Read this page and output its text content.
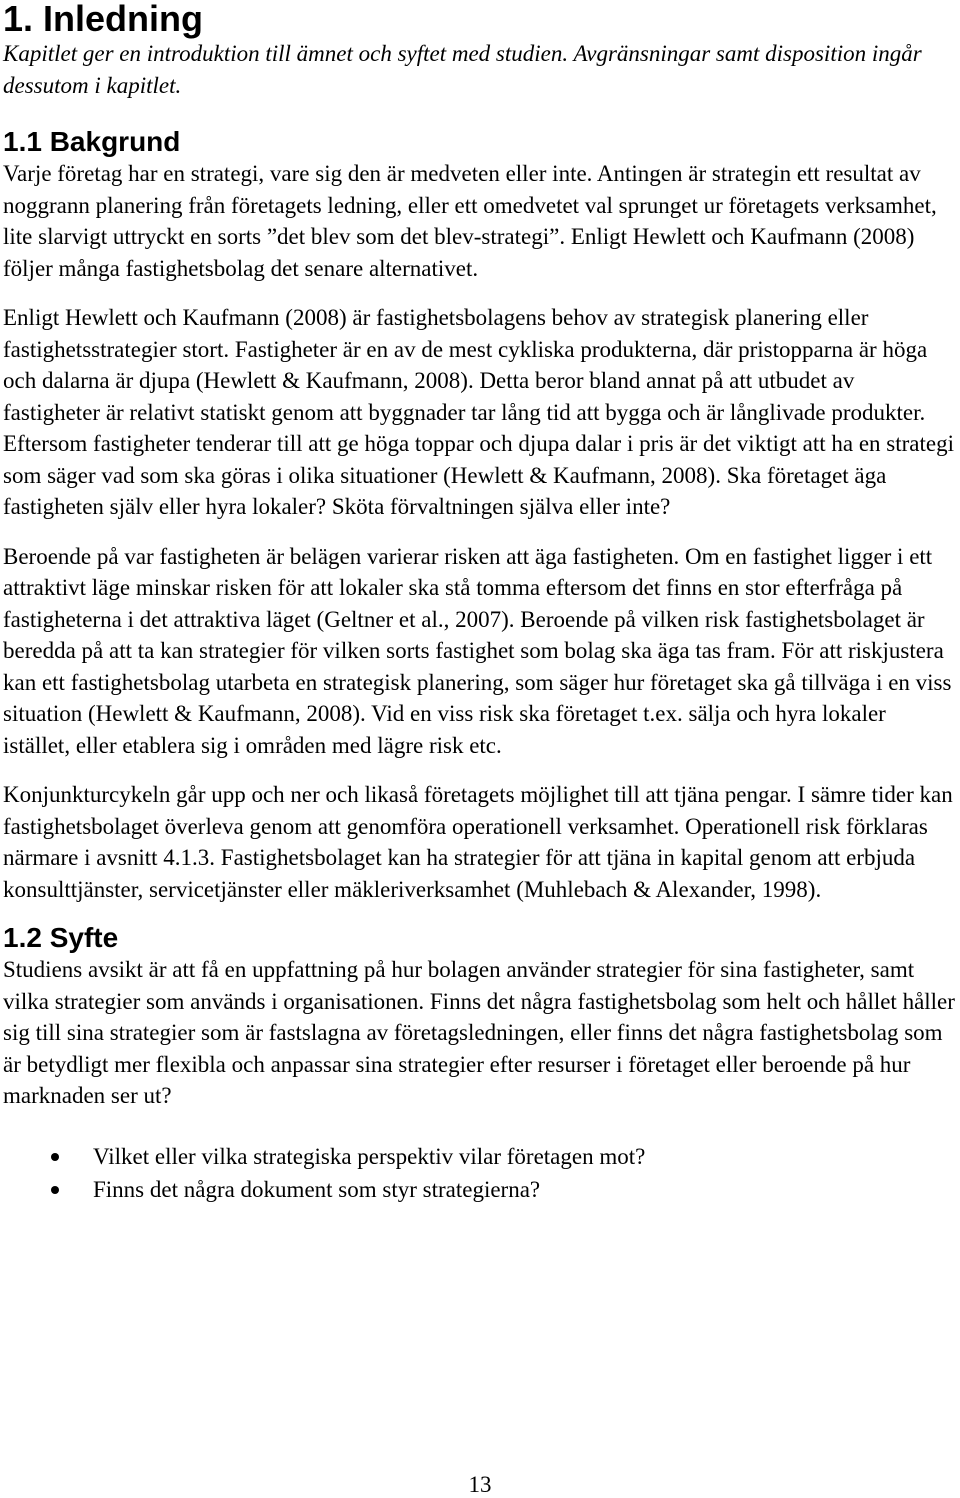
1. Inledning

Kapitlet ger en introduktion till ämnet och syftet med studien. Avgränsningar samt disposition ingår dessutom i kapitlet.

1.1 Bakgrund

Varje företag har en strategi, vare sig den är medveten eller inte. Antingen är strategin ett resultat av noggrann planering från företagets ledning, eller ett omedvetet val sprunget ur företagets verksamhet, lite slarvigt uttryckt en sorts ”det blev som det blev-strategi”. Enligt Hewlett och Kaufmann (2008) följer många fastighetsbolag det senare alternativet.

Enligt Hewlett och Kaufmann (2008) är fastighetsbolagens behov av strategisk planering eller fastighetsstrategier stort. Fastigheter är en av de mest cykliska produkterna, där pristopparna är höga och dalarna är djupa (Hewlett & Kaufmann, 2008). Detta beror bland annat på att utbudet av fastigheter är relativt statiskt genom att byggnader tar lång tid att bygga och är långlivade produkter. Eftersom fastigheter tenderar till att ge höga toppar och djupa dalar i pris är det viktigt att ha en strategi som säger vad som ska göras i olika situationer (Hewlett & Kaufmann, 2008). Ska företaget äga fastigheten själv eller hyra lokaler? Sköta förvaltningen själva eller inte?

Beroende på var fastigheten är belägen varierar risken att äga fastigheten. Om en fastighet ligger i ett attraktivt läge minskar risken för att lokaler ska stå tomma eftersom det finns en stor efterfråga på fastigheterna i det attraktiva läget (Geltner et al., 2007). Beroende på vilken risk fastighetsbolaget är beredda på att ta kan strategier för vilken sorts fastighet som bolag ska äga tas fram. För att riskjustera kan ett fastighetsbolag utarbeta en strategisk planering, som säger hur företaget ska gå tillväga i en viss situation (Hewlett & Kaufmann, 2008). Vid en viss risk ska företaget t.ex. sälja och hyra lokaler istället, eller etablera sig i områden med lägre risk etc.

Konjunkturcykeln går upp och ner och likaså företagets möjlighet till att tjäna pengar. I sämre tider kan fastighetsbolaget överleva genom att genomföra operationell verksamhet. Operationell risk förklaras närmare i avsnitt 4.1.3. Fastighetsbolaget kan ha strategier för att tjäna in kapital genom att erbjuda konsulttjänster, servicetjänster eller mäkleriverksamhet (Muhlebach & Alexander, 1998).

1.2 Syfte

Studiens avsikt är att få en uppfattning på hur bolagen använder strategier för sina fastigheter, samt vilka strategier som används i organisationen. Finns det några fastighetsbolag som helt och hållet håller sig till sina strategier som är fastslagna av företagsledningen, eller finns det några fastighetsbolag som är betydligt mer flexibla och anpassar sina strategier efter resurser i företaget eller beroende på hur marknaden ser ut?

Vilket eller vilka strategiska perspektiv vilar företagen mot?
Finns det några dokument som styr strategierna?
13
